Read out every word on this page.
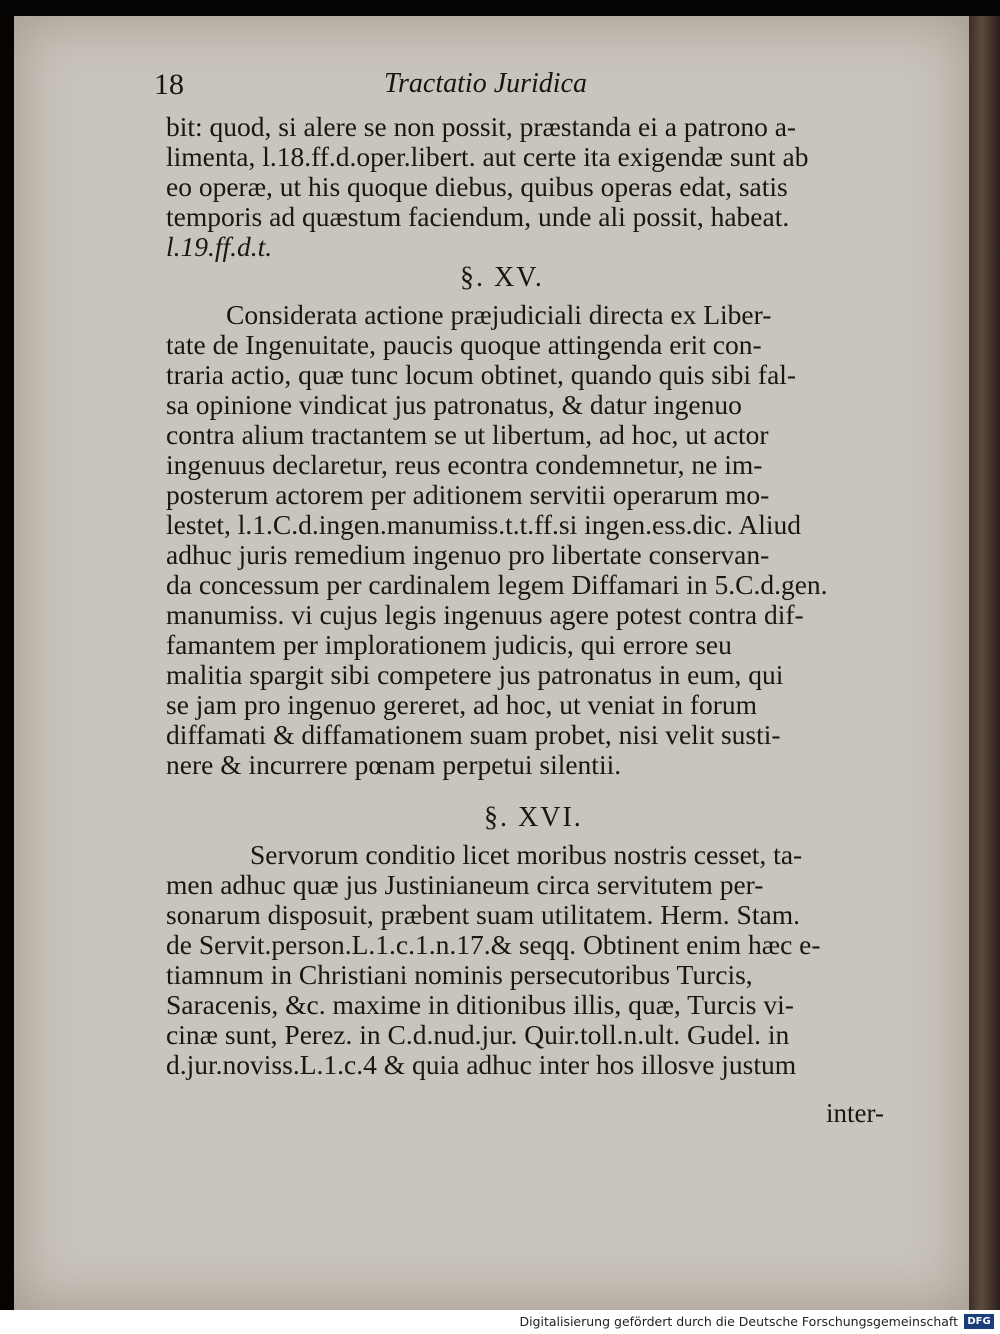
18	Tractatio Juridica
bit: quod, si alere se non possit, præstanda ei a patrono a-
limenta, l.18.ff.d.oper.libert. aut certe ita exigendæ sunt ab
eo operæ, ut his quoque diebus, quibus operas edat, satis
temporis ad quæstum faciendum, unde ali possit, habeat.
l.19.ff.d.t.
§. XV.
Considerata actione præjudiciali directa ex Liber-
tate de Ingenuitate, paucis quoque attingenda erit con-
traria actio, quæ tunc locum obtinet, quando quis sibi fal-
sa opinione vindicat jus patronatus, & datur ingenuo
contra alium tractantem se ut libertum, ad hoc, ut actor
ingenuus declaretur, reus econtra condemnetur, ne im-
posterum actorem per aditionem servitii operarum mo-
lestet, l.1.C.d.ingen.manumiss.t.t.ff.si ingen.ess.dic. Aliud
adhuc juris remedium ingenuo pro libertate conservan-
da concessum per cardinalem legem Diffamari in 5.C.d.gen.
manumiss. vi cujus legis ingenuus agere potest contra dif-
famantem per implorationem judicis, qui errore seu
malitia spargit sibi competere jus patronatus in eum, qui
se jam pro ingenuo gereret, ad hoc, ut veniat in forum
diffamati & diffamationem suam probet, nisi velit susti-
nere & incurrere pœnam perpetui silentii.
§. XVI.
Servorum conditio licet moribus nostris cesset, ta-
men adhuc quæ jus Justinianeum circa servitutem per-
sonarum disposuit, præbent suam utilitatem. Herm. Stam.
de Servit.person.L.1.c.1.n.17.& seqq. Obtinent enim hæc e-
tiamnum in Christiani nominis persecutoribus Turcis,
Saracenis, &c. maxime in ditionibus illis, quæ, Turcis vi-
cinæ sunt, Perez. in C.d.nud.jur. Quir.toll.n.ult. Gudel. in
d.jur.noviss.L.1.c.4 & quia adhuc inter hos illosve justum
inter-
Digitalisierung gefördert durch die Deutsche Forschungsgemeinschaft DFG
